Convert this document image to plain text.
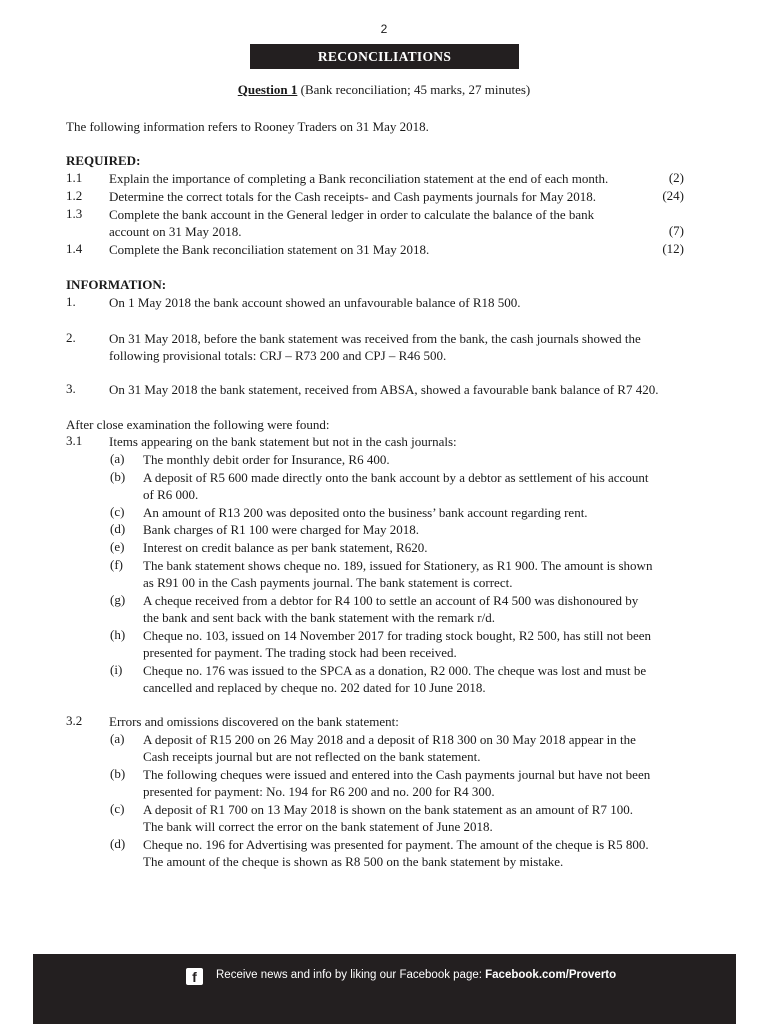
2
RECONCILIATIONS
Question 1 (Bank reconciliation; 45 marks, 27 minutes)
The following information refers to Rooney Traders on 31 May 2018.
REQUIRED:
1.1 Explain the importance of completing a Bank reconciliation statement at the end of each month.	(2)
1.2 Determine the correct totals for the Cash receipts- and Cash payments journals for May 2018.	(24)
1.3 Complete the bank account in the General ledger in order to calculate the balance of the bank
account on 31 May 2018.	(7)
1.4 Complete the Bank reconciliation statement on 31 May 2018.	(12)
INFORMATION:
1.	On 1 May 2018 the bank account showed an unfavourable balance of R18 500.
2.	On 31 May 2018, before the bank statement was received from the bank, the cash journals showed the
following provisional totals: CRJ – R73 200 and CPJ – R46 500.
3.	On 31 May 2018 the bank statement, received from ABSA, showed a favourable bank balance of R7 420.
After close examination the following were found:
3.1 Items appearing on the bank statement but not in the cash journals:
(a) The monthly debit order for Insurance, R6 400.
(b) A deposit of R5 600 made directly onto the bank account by a debtor as settlement of his account
of R6 000.
(c) An amount of R13 200 was deposited onto the business’ bank account regarding rent.
(d) Bank charges of R1 100 were charged for May 2018.
(e) Interest on credit balance as per bank statement, R620.
(f) The bank statement shows cheque no. 189, issued for Stationery, as R1 900. The amount is shown
as R91 00 in the Cash payments journal. The bank statement is correct.
(g) A cheque received from a debtor for R4 100 to settle an account of R4 500 was dishonoured by
the bank and sent back with the bank statement with the remark r/d.
(h) Cheque no. 103, issued on 14 November 2017 for trading stock bought, R2 500, has still not been
presented for payment. The trading stock had been received.
(i) Cheque no. 176 was issued to the SPCA as a donation, R2 000. The cheque was lost and must be
cancelled and replaced by cheque no. 202 dated for 10 June 2018.
3.2 Errors and omissions discovered on the bank statement:
(a) A deposit of R15 200 on 26 May 2018 and a deposit of R18 300 on 30 May 2018 appear in the
Cash receipts journal but are not reflected on the bank statement.
(b) The following cheques were issued and entered into the Cash payments journal but have not been
presented for payment: No. 194 for R6 200 and no. 200 for R4 300.
(c) A deposit of R1 700 on 13 May 2018 is shown on the bank statement as an amount of R7 100.
The bank will correct the error on the bank statement of June 2018.
(d) Cheque no. 196 for Advertising was presented for payment. The amount of the cheque is R5 800.
The amount of the cheque is shown as R8 500 on the bank statement by mistake.
f	Receive news and info by liking our Facebook page: Facebook.com/Proverto
